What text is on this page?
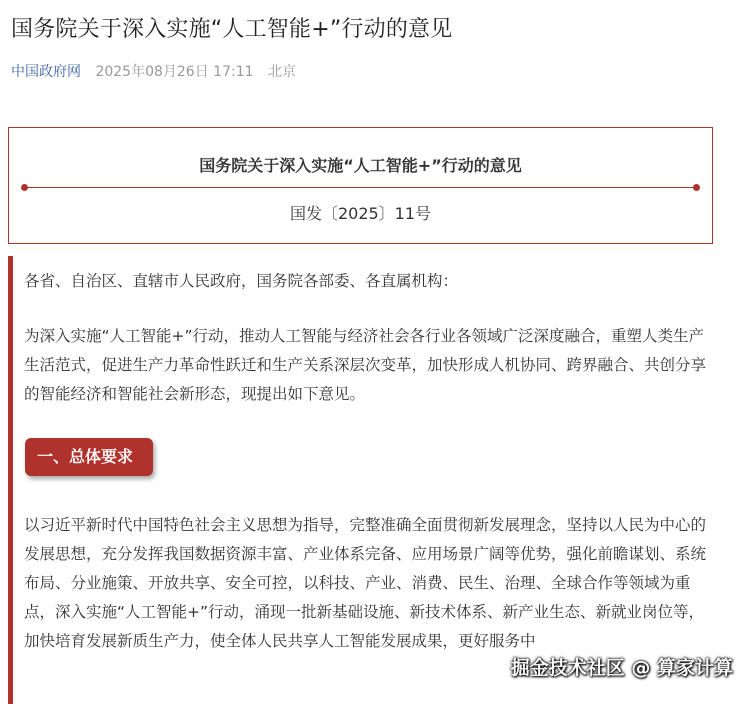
国务院关于深入实施“人工智能+”行动的意见
中国政府网 2025年08月26日 17:11 北京
国务院关于深入实施“人工智能+”行动的意见
国发〔2025〕11号

各省、自治区、直辖市人民政府，国务院各部委、各直属机构：

为深入实施“人工智能+”行动，推动人工智能与经济社会各行业各领域广泛深度融合，重塑人类生产生活范式，促进生产力革命性跃迁和生产关系深层次变革，加快形成人机协同、跨界融合、共创分享的智能经济和智能社会新形态，现提出如下意见。

一、总体要求

以习近平新时代中国特色社会主义思想为指导，完整准确全面贯彻新发展理念，坚持以人民为中心的发展思想，充分发挥我国数据资源丰富、产业体系完备、应用场景广阔等优势，强化前瞻谋划、系统布局、分业施策、开放共享、安全可控，以科技、产业、消费、民生、治理、全球合作等领域为重点，深入实施“人工智能+”行动，涌现一批新基础设施、新技术体系、新产业生态、新就业岗位等，加快培育发展新质生产力，使全体人民共享人工智能发展成果，更好服务中

掘金技术社区 @ 算家计算
